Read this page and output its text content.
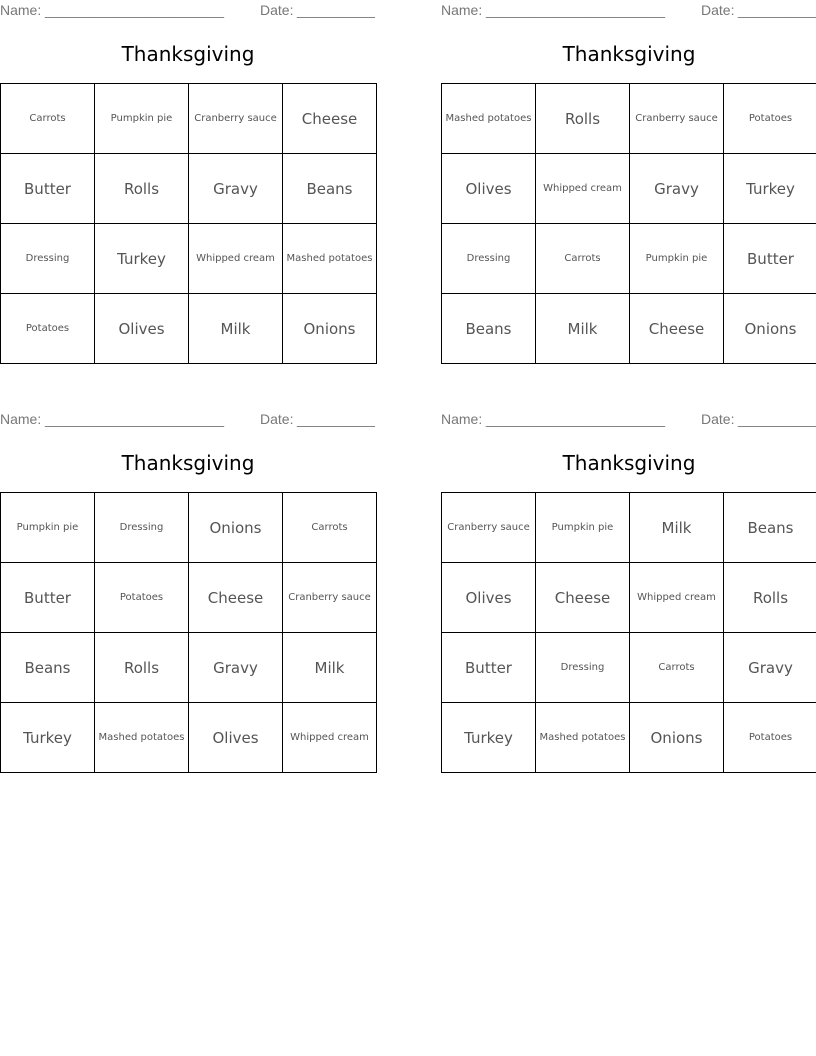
Name: _______________________	Date: __________
Thanksgiving
Carrots	Pumpkin pie	Cranberry sauce	Cheese
Butter	Rolls	Gravy	Beans
Dressing	Turkey	Whipped cream	Mashed potatoes
Potatoes	Olives	Milk	Onions
Name: _______________________	Date: __________
Thanksgiving
Mashed potatoes	Rolls	Cranberry sauce	Potatoes
Olives	Whipped cream	Gravy	Turkey
Dressing	Carrots	Pumpkin pie	Butter
Beans	Milk	Cheese	Onions
Name: _______________________	Date: __________
Thanksgiving
Pumpkin pie	Dressing	Onions	Carrots
Butter	Potatoes	Cheese	Cranberry sauce
Beans	Rolls	Gravy	Milk
Turkey	Mashed potatoes	Olives	Whipped cream
Name: _______________________	Date: __________
Thanksgiving
Cranberry sauce	Pumpkin pie	Milk	Beans
Olives	Cheese	Whipped cream	Rolls
Butter	Dressing	Carrots	Gravy
Turkey	Mashed potatoes	Onions	Potatoes
